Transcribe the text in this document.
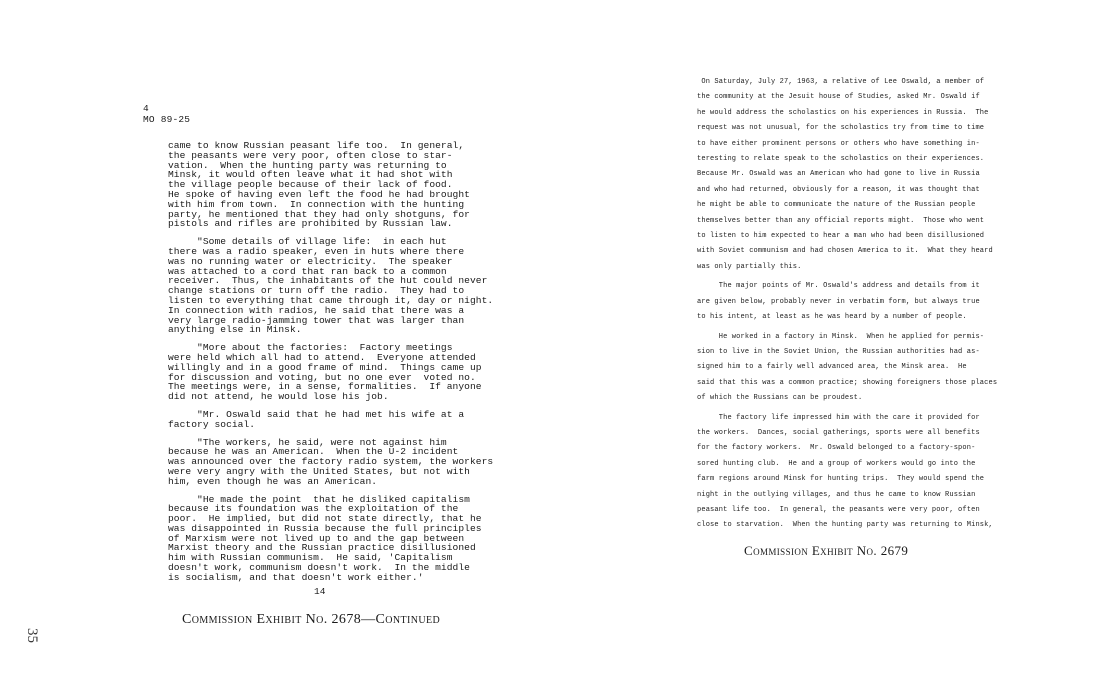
4
MO 89-25
came to know Russian peasant life too.  In general,
the peasants were very poor, often close to star-
vation.  When the hunting party was returning to
Minsk, it would often leave what it had shot with
the village people because of their lack of food.
He spoke of having even left the food he had brought
with him from town.  In connection with the hunting
party, he mentioned that they had only shotguns, for
pistols and rifles are prohibited by Russian law.
"Some details of village life:  in each hut
there was a radio speaker, even in huts where there
was no running water or electricity.  The speaker
was attached to a cord that ran back to a common
receiver.  Thus, the inhabitants of the hut could never
change stations or turn off the radio.  They had to
listen to everything that came through it, day or night.
In connection with radios, he said that there was a
very large radio-jamming tower that was larger than
anything else in Minsk.
"More about the factories:  Factory meetings
were held which all had to attend.  Everyone attended
willingly and in a good frame of mind.  Things came up
for discussion and voting, but no one ever  voted no.
The meetings were, in a sense, formalities.  If anyone
did not attend, he would lose his job.
"Mr. Oswald said that he had met his wife at a
factory social.
"The workers, he said, were not against him
because he was an American.  When the U-2 incident
was announced over the factory radio system, the workers
were very angry with the United States, but not with
him, even though he was an American.
"He made the point  that he disliked capitalism
because its foundation was the exploitation of the
poor.  He implied, but did not state directly, that he
was disappointed in Russia because the full principles
of Marxism were not lived up to and the gap between
Marxist theory and the Russian practice disillusioned
him with Russian communism.  He said, 'Capitalism
doesn't work, communism doesn't work.  In the middle
is socialism, and that doesn't work either.'
14
Commission Exhibit No. 2678—Continued
35
On Saturday, July 27, 1963, a relative of Lee Oswald, a member of
the community at the Jesuit house of Studies, asked Mr. Oswald if
he would address the scholastics on his experiences in Russia.  The
request was not unusual, for the scholastics try from time to time
to have either prominent persons or others who have something in-
teresting to relate speak to the scholastics on their experiences.
Because Mr. Oswald was an American who had gone to live in Russia
and who had returned, obviously for a reason, it was thought that
he might be able to communicate the nature of the Russian people
themselves better than any official reports might.  Those who went
to listen to him expected to hear a man who had been disillusioned
with Soviet communism and had chosen America to it.  What they heard
was only partially this.
The major points of Mr. Oswald's address and details from it
are given below, probably never in verbatim form, but always true
to his intent, at least as he was heard by a number of people.
He worked in a factory in Minsk.  When he applied for permis-
sion to live in the Soviet Union, the Russian authorities had as-
signed him to a fairly well advanced area, the Minsk area.  He
said that this was a common practice; showing foreigners those places
of which the Russians can be proudest.
The factory life impressed him with the care it provided for
the workers.  Dances, social gatherings, sports were all benefits
for the factory workers.  Mr. Oswald belonged to a factory-spon-
sored hunting club.  He and a group of workers would go into the
farm regions around Minsk for hunting trips.  They would spend the
night in the outlying villages, and thus he came to know Russian
peasant life too.  In general, the peasants were very poor, often
close to starvation.  When the hunting party was returning to Minsk,
Commission Exhibit No. 2679
